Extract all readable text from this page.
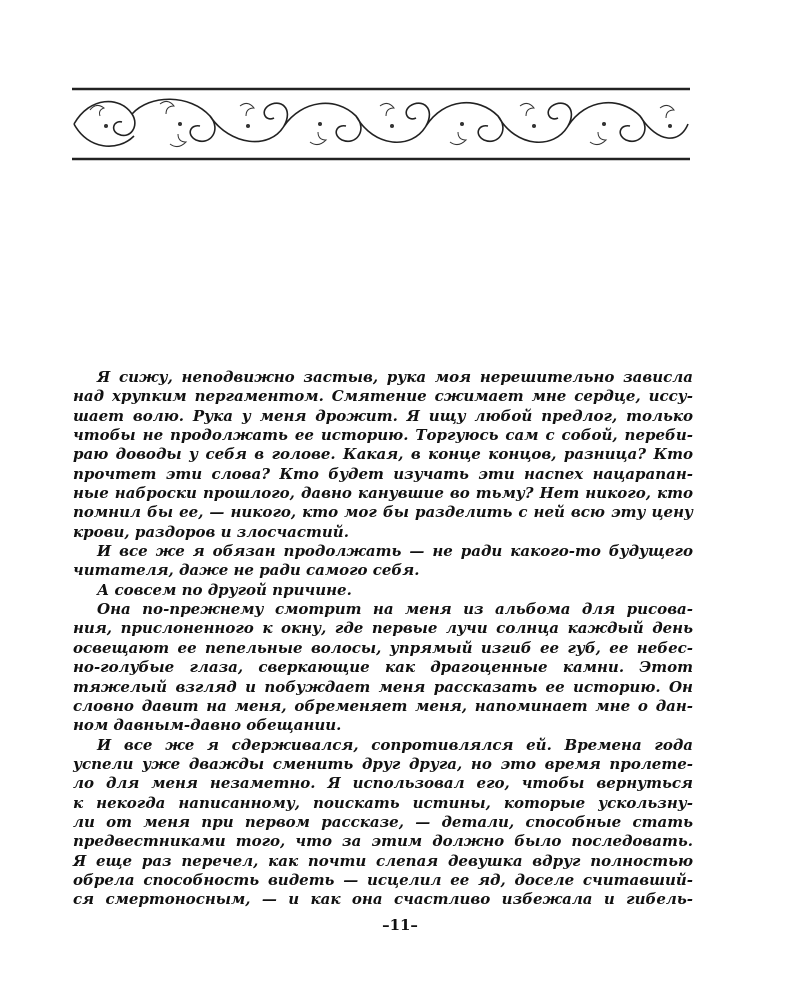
Я сижу, неподвижно застыв, рука моя нерешительно зависла
над хрупким пергаментом. Смятение сжимает мне сердце, иссу-
шает волю. Рука у меня дрожит. Я ищу любой предлог, только
чтобы не продолжать ее историю. Торгуюсь сам с собой, переби-
раю доводы у себя в голове. Какая, в конце концов, разница? Кто
прочтет эти слова? Кто будет изучать эти наспех нацарапан-
ные наброски прошлого, давно канувшие во тьму? Нет никого, кто
помнил бы ее, — никого, кто мог бы разделить с ней всю эту цену
крови, раздоров и злосчастий.
И все же я обязан продолжать — не ради какого-то будущего
читателя, даже не ради самого себя.
А совсем по другой причине.
Она по-прежнему смотрит на меня из альбома для рисова-
ния, прислоненного к окну, где первые лучи солнца каждый день
освещают ее пепельные волосы, упрямый изгиб ее губ, ее небес-
но-голубые глаза, сверкающие как драгоценные камни. Этот
тяжелый взгляд и побуждает меня рассказать ее историю. Он
словно давит на меня, обременяет меня, напоминает мне о дан-
ном давным-давно обещании.
И все же я сдерживался, сопротивлялся ей. Времена года
успели уже дважды сменить друг друга, но это время пролете-
ло для меня незаметно. Я использовал его, чтобы вернуться
к некогда написанному, поискать истины, которые ускользну-
ли от меня при первом рассказе, — детали, способные стать
предвестниками того, что за этим должно было последовать.
Я еще раз перечел, как почти слепая девушка вдруг полностью
обрела способность видеть — исцелил ее яд, доселе считавший-
ся смертоносным, — и как она счастливо избежала и гибель-
–11–
